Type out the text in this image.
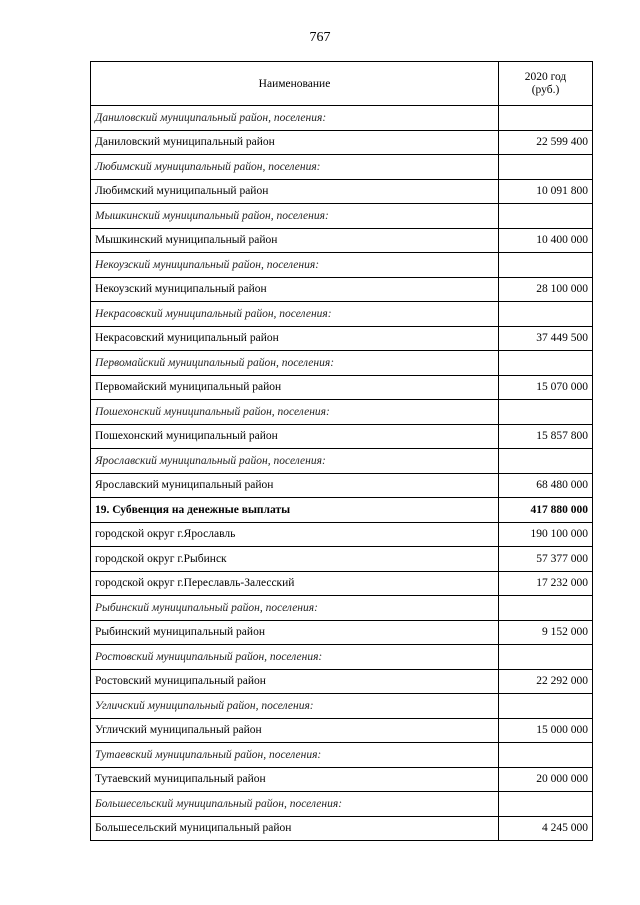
767
Наименование	2020 год
(руб.)

Даниловский муниципальный район, поселения:	
Даниловский муниципальный район	22 599 400
Любимский муниципальный район, поселения:	
Любимский муниципальный район	10 091 800
Мышкинский муниципальный район, поселения:	
Мышкинский муниципальный район	10 400 000
Некоузский муниципальный район, поселения:	
Некоузский муниципальный район	28 100 000
Некрасовский муниципальный район, поселения:	
Некрасовский муниципальный район	37 449 500
Первомайский муниципальный район, поселения:	
Первомайский муниципальный район	15 070 000
Пошехонский муниципальный район, поселения:	
Пошехонский муниципальный район	15 857 800
Ярославский муниципальный район, поселения:	
Ярославский муниципальный район	68 480 000
19. Субвенция на денежные выплаты	417 880 000
городской округ г.Ярославль	190 100 000
городской округ г.Рыбинск	57 377 000
городской округ г.Переславль-Залесский	17 232 000
Рыбинский муниципальный район, поселения:	
Рыбинский муниципальный район	9 152 000
Ростовский муниципальный район, поселения:	
Ростовский муниципальный район	22 292 000
Угличский муниципальный район, поселения:	
Угличский муниципальный район	15 000 000
Тутаевский муниципальный район, поселения:	
Тутаевский муниципальный район	20 000 000
Большесельский муниципальный район, поселения:	
Большесельский муниципальный район	4 245 000
